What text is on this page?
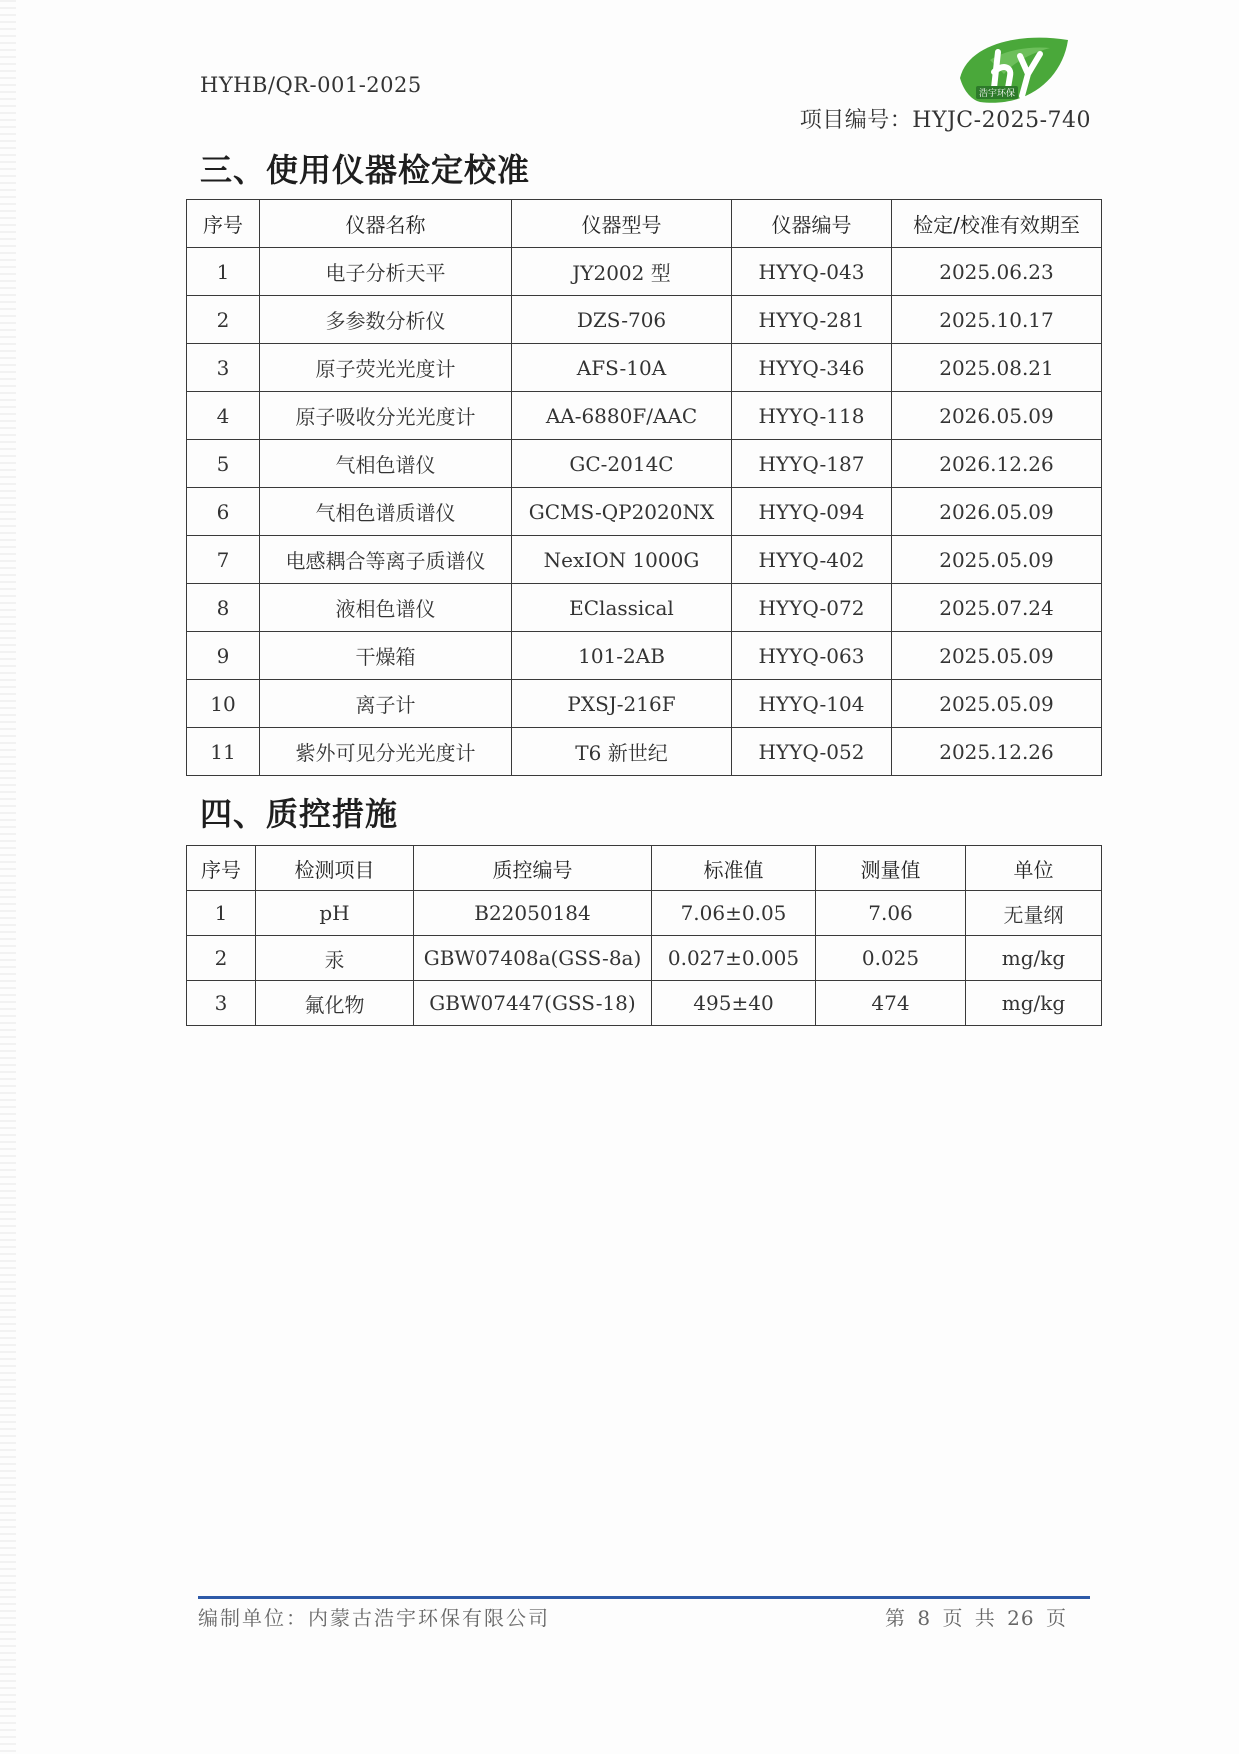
HYHB/QR-001-2025	浩宇环保
项目编号：HYJC-2025-740
三、使用仪器检定校准
序号	仪器名称	仪器型号	仪器编号	检定/校准有效期至
1	电子分析天平	JY2002 型	HYYQ-043	2025.06.23
2	多参数分析仪	DZS-706	HYYQ-281	2025.10.17
3	原子荧光光度计	AFS-10A	HYYQ-346	2025.08.21
4	原子吸收分光光度计	AA-6880F/AAC	HYYQ-118	2026.05.09
5	气相色谱仪	GC-2014C	HYYQ-187	2026.12.26
6	气相色谱质谱仪	GCMS-QP2020NX	HYYQ-094	2026.05.09
7	电感耦合等离子质谱仪	NexION 1000G	HYYQ-402	2025.05.09
8	液相色谱仪	EClassical	HYYQ-072	2025.07.24
9	干燥箱	101-2AB	HYYQ-063	2025.05.09
10	离子计	PXSJ-216F	HYYQ-104	2025.05.09
11	紫外可见分光光度计	T6 新世纪	HYYQ-052	2025.12.26
四、质控措施
序号	检测项目	质控编号	标准值	测量值	单位
1	pH	B22050184	7.06±0.05	7.06	无量纲
2	汞	GBW07408a(GSS-8a)	0.027±0.005	0.025	mg/kg
3	氟化物	GBW07447(GSS-18)	495±40	474	mg/kg
编制单位：内蒙古浩宇环保有限公司	第 8 页 共 26 页
